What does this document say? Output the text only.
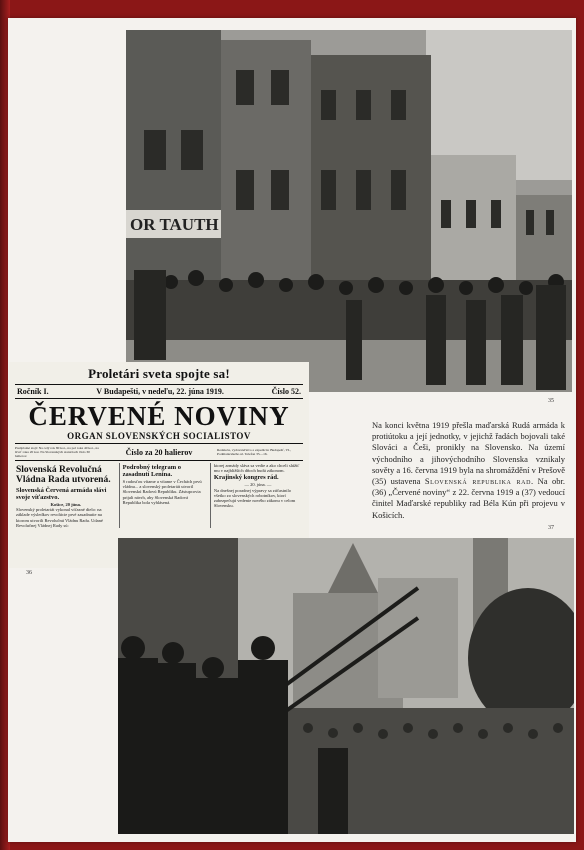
OR TAUTH
35
Proletári sveta spojte sa!
Ročník I.	V Budapešti, v nedeľu, 22. júna 1919.	Číslo 52.
ČERVENÉ NOVINY
ORGAN SLOVENSKÝCH SOCIALISTOV
Predplatné stojí: Na celý rok 80 kor., na pol roka 40 kor., na štvrť roka 20 kor. Na Slovenských staniciach číslo 30 halierov.	Číslo za 20 halierov	Redakcia, vydavateľstvo a expedícia: Budapešť, VI., Podmaniczkého ul. Telefon 35—16.
Slovenská Revolučná Vládna Rada utvorená.
Slovenská Červená armáda slávi svoje víťazstvo.
Košice, 20 júna.
Slovenský proletariát vykonal víťazné dielo: na základe výsledkov revolúcie prvé zasadnutie na ktorom utvorili Revolučnú Vládnu Radu. Udané Revolučnej Vládnej Rady sú:
Podrobný telegram o zasadnutí Lenina.
S radosťou vítame a vítame v Čechách prvú vládnu... a slovenský proletariát utvoril Slovenskú Radovú Republiku. Zástupcovia prijali návrh, aby Slovenská Radová Republika bola vyhlásená.
ktorej armády sláva sa vedie a ako chceli slúžiť mu v najbližších dňoch budú zákonom.
Krajinský kongres rád.
— 20. júna. —
Na dnešnej poradnej výpravy sa zúčastnilo všetko zo slovenských robotníkov, ktorí zabezpečujú vedenie nového zákonu v celom Slovensku.
36
Na konci května 1919 přešla maďarská Rudá armáda k protiútoku a její jednotky, v jejichž řadách bojovali také Slováci a Češi, pronikly na Slovensko. Na území východního a jihovýchodního Slovenska vznikaly sověty a 16. června 1919 byla na shromáždění v Prešově (35) ustavena Slovenská republika rad. Na obr. (36) „Červené noviny“ z 22. června 1919 a (37) vedoucí činitel Maďarské republiky rad Béla Kún při projevu v Košicích.
37
